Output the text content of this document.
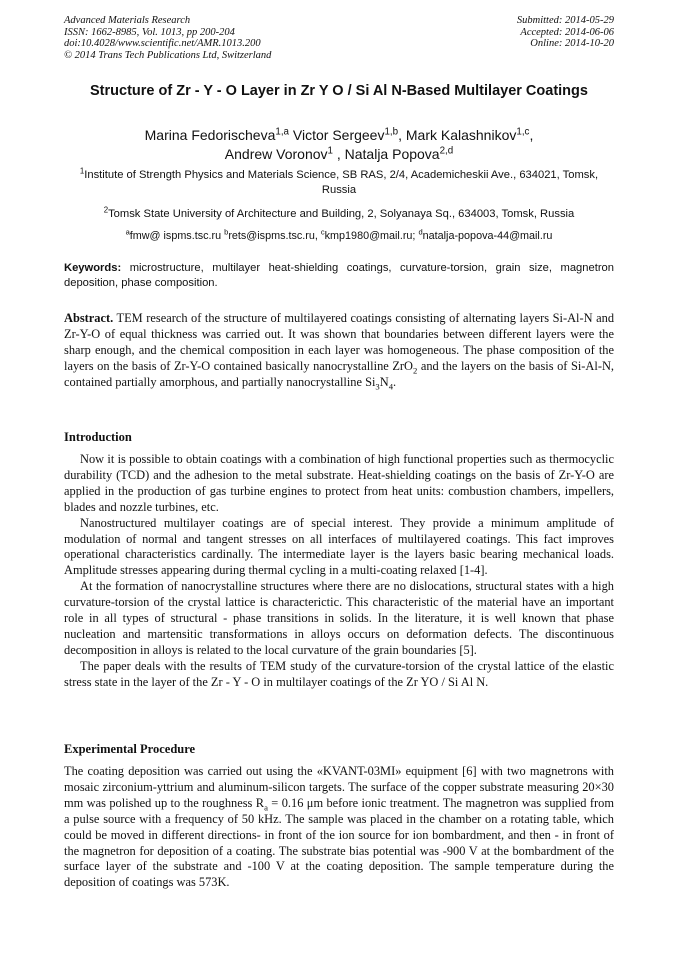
Advanced Materials Research
ISSN: 1662-8985, Vol. 1013, pp 200-204
doi:10.4028/www.scientific.net/AMR.1013.200
© 2014 Trans Tech Publications Ltd, Switzerland
Submitted: 2014-05-29
Accepted: 2014-06-06
Online: 2014-10-20
Structure of Zr - Y - O Layer in Zr Y O / Si Al N-Based Multilayer Coatings
Marina Fedorischeva$^{1,a}$ Victor Sergeev$^{1,b}$, Mark Kalashnikov$^{1,c}$,
Andrew Voronov$^1$ , Natalja Popova$^{2,d}$
$^1$Institute of Strength Physics and Materials Science, SB RAS, 2/4, Academicheskii Ave., 634021, Tomsk, Russia
$^2$Tomsk State University of Architecture and Building, 2, Solyanaya Sq., 634003, Tomsk, Russia
$^a$fmw@ ispms.tsc.ru $^b$rets@ispms.tsc.ru, $^c$kmp1980@mail.ru; $^d$natalja-popova-44@mail.ru
Keywords: microstructure, multilayer heat-shielding coatings, curvature-torsion, grain size, magnetron deposition, phase composition.

Abstract. TEM research of the structure of multilayered coatings consisting of alternating layers Si-Al-N and Zr-Y-O of equal thickness was carried out. It was shown that boundaries between different layers were the sharp enough, and the chemical composition in each layer was homogeneous. The phase composition of the layers on the basis of Zr-Y-O contained basically nanocrystalline ZrO$_2$ and the layers on the basis of Si-Al-N, contained partially amorphous, and partially nanocrystalline $Si_3N_4$.

Introduction

Now it is possible to obtain coatings with a combination of high functional properties such as thermocyclic durability (TCD) and the adhesion to the metal substrate. Heat-shielding coatings on the basis of Zr-Y-O are applied in the production of gas turbine engines to protect from heat units: combustion chambers, impellers, blades and nozzle turbines, etc.

Nanostructured multilayer coatings are of special interest. They provide a minimum amplitude of modulation of normal and tangent stresses on all interfaces of multilayered coatings. This fact improves operational characteristics cardinally. The intermediate layer is the layers basic bearing mechanical loads. Amplitude stresses appearing during thermal cycling in a multi-coating relaxed [1-4].

At the formation of nanocrystalline structures where there are no dislocations, structural states with a high curvature-torsion of the crystal lattice is characterictic. This characteristic of the material have an important role in all types of structural - phase transitions in solids. In the literature, it is well known that phase nucleation and martensitic transformations in alloys occurs on deformation defects. The discontinuous decomposition in alloys is related to the local curvature of the grain boundaries [5].

The paper deals with the results of TEM study of the curvature-torsion of the crystal lattice of the elastic stress state in the layer of the Zr - Y - O in multilayer coatings of the Zr YO / Si Al N.

Experimental Procedure

The coating deposition was carried out using the «KVANT-03MI» equipment [6] with two magnetrons with mosaic zirconium-yttrium and aluminum-silicon targets. The surface of the copper substrate measuring 20×30 mm was polished up to the roughness $R_a = 0.16$ μm before ionic treatment. The magnetron was supplied from a pulse source with a frequency of 50 kHz. The sample was placed in the chamber on a rotating table, which could be moved in different directions- in front of the ion source for ion bombardment, and then - in front of the magnetron for deposition of a coating. The substrate bias potential was -900 V at the bombardment of the surface layer of the substrate and -100 V at the coating deposition. The sample temperature during the deposition of coatings was 573K.
